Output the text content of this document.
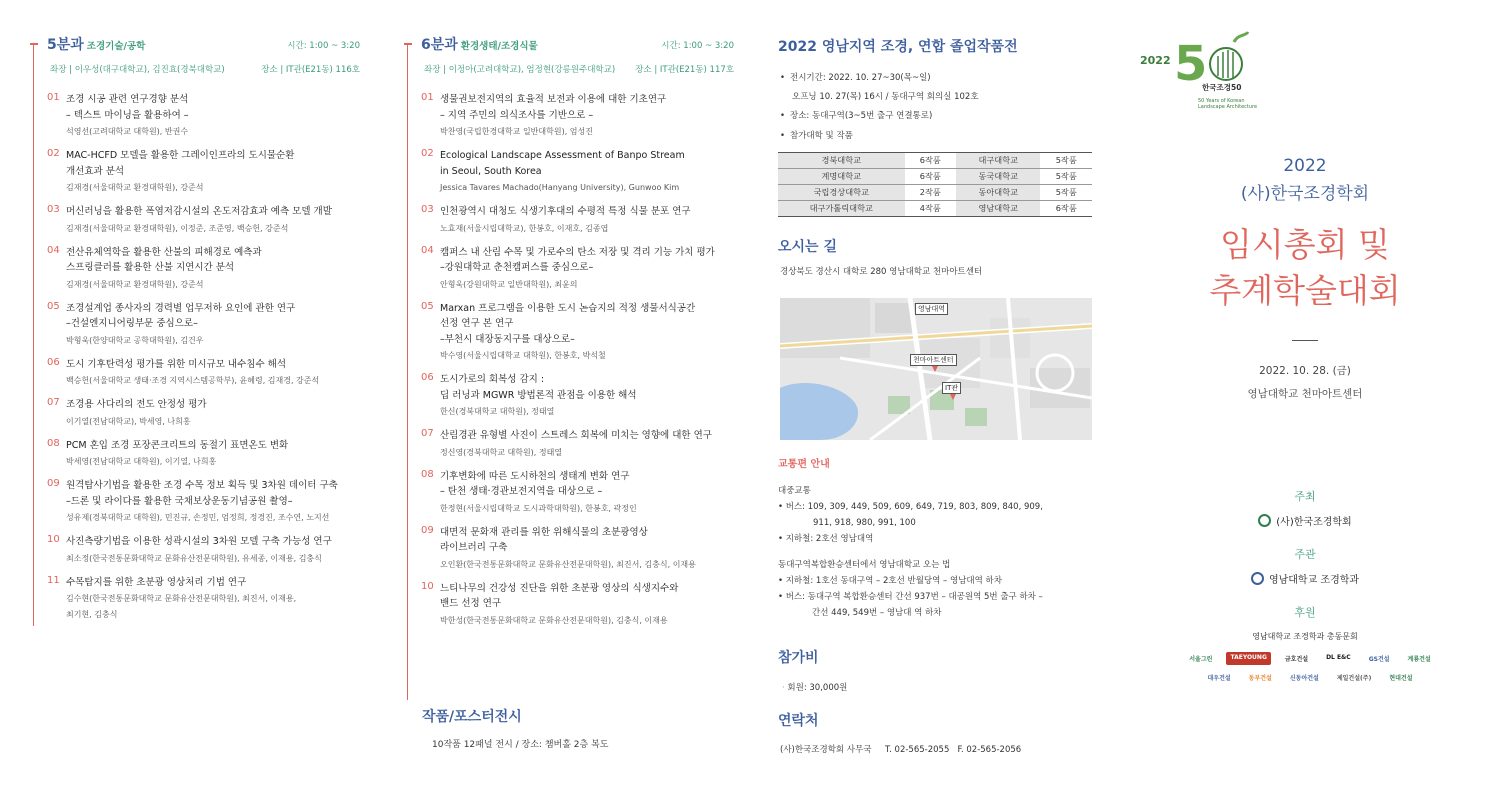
5분과 조경기술/공학	시간: 1:00 ~ 3:20
좌장 | 이우성(대구대학교), 김진효(경북대학교)	장소 | IT관(E21동) 116호
01 조경 시공 관련 연구경향 분석
– 텍스트 마이닝을 활용하여 –
석영선(고려대학교 대학원), 반권수
02 MAC-HCFD 모델을 활용한 그레이인프라의 도시물순환
개선효과 분석
김재경(서울대학교 환경대학원), 강준석
03 머신러닝을 활용한 폭염저감시설의 온도저감효과 예측 모델 개발
김재경(서울대학교 환경대학원), 이정준, 조준영, 백승헌, 강준석
04 전산유체역학을 활용한 산불의 피해경로 예측과
스프링클러를 활용한 산불 지연시간 분석
김재경(서울대학교 환경대학원), 강준석
05 조경설계업 종사자의 경력별 업무저하 요인에 관한 연구
–건설엔지니어링부문 중심으로–
박형욱(한양대학교 공학대학원), 김건우
06 도시 기후탄력성 평가를 위한 미시규모 내수침수 해석
백승헌(서울대학교 생태·조경 지역시스템공학부), 윤혜령, 김재경, 강준석
07 조경용 사다리의 전도 안정성 평가
이기열(전남대학교), 박세영, 나희홍
08 PCM 혼입 조경 포장콘크리트의 동절기 표면온도 변화
박세영(전남대학교 대학원), 이기열, 나희홍
09 원격탐사기법을 활용한 조경 수목 정보 획득 및 3차원 데이터 구축
–드론 및 라이다를 활용한 국채보상운동기념공원 촬영–
성유제(경북대학교 대학원), 민진규, 손정민, 엄정희, 정경진, 조수연, 노지선
10 사진측량기법을 이용한 성곽시설의 3차원 모델 구축 가능성 연구
최소정(한국전통문화대학교 문화유산전문대학원), 유세종, 이재용, 김충식
11 수목탐지를 위한 초분광 영상처리 기법 연구
김수현(한국전통문화대학교 문화유산전문대학원), 최진서, 이재용,
최기현, 김충식
6분과 환경생태/조경식물	시간: 1:00 ~ 3:20
좌장 | 이정아(고려대학교), 엄정현(강릉원주대학교) 장소 | IT관(E21동) 117호
01 생물권보전지역의 효율적 보전과 이용에 대한 기초연구
– 지역 주민의 의식조사를 기반으로 –
박찬영(국립한경대학교 일반대학원), 엄성진
02 Ecological Landscape Assessment of Banpo Stream
in Seoul, South Korea
Jessica Tavares Machado(Hanyang University), Gunwoo Kim
03 인천광역시 대청도 식생기후대의 수평적 특정 식물 분포 연구
노효재(서울시립대학교), 한봉호, 이재호, 김종엽
04 캠퍼스 내 산림 수목 및 가로수의 탄소 저장 및 격리 기능 가치 평가
–강원대학교 춘천캠퍼스를 중심으로–
안형욱(강원대학교 일반대학원), 최윤의
05 Marxan 프로그램을 이용한 도시 논습지의 적정 생물서식공간
선정 연구 본 연구
–부천시 대장동지구를 대상으로–
박수영(서울시립대학교 대학원), 한봉호, 박석철
06 도시가로의 회복성 감지 :
딥 러닝과 MGWR 방법론적 관점을 이용한 해석
한신(경북대학교 대학원), 정태열
07 산림경관 유형별 사진이 스트레스 회복에 미치는 영향에 대한 연구
정신영(경북대학교 대학원), 정태열
08 기후변화에 따른 도시하천의 생태계 변화 연구
– 탄천 생태·경관보전지역을 대상으로 –
한정현(서울시립대학교 도시과학대학원), 한봉호, 곽정인
09 대면적 문화재 관리를 위한 위해식물의 초분광영상
라이브러리 구축
오인환(한국전통문화대학교 문화유산전문대학원), 최진서, 김충식, 이재용
10 느티나무의 건강성 진단을 위한 초분광 영상의 식생지수와
밴드 선정 연구
박한성(한국전통문화대학교 문화유산전문대학원), 김충식, 이재용
작품/포스터전시
10작품 12패널 전시 / 장소: 챔버홀 2층 복도
2022 영남지역 조경, 연합 졸업작품전
• 전시기간: 2022. 10. 27~30(목~일)
오프닝 10. 27(목) 16시 / 동대구역 회의실 102호
• 장소: 동대구역(3~5번 출구 연결통로)
• 참가대학 및 작품
경북대학교	6작품	대구대학교	5작품
계명대학교	6작품	동국대학교	5작품
국립경상대학교	2작품	동아대학교	5작품
대구가톨릭대학교	4작품	영남대학교	6작품
오시는 길
경상북도 경산시 대학로 280 영남대학교 천마아트센터
영남대역
천마아트센터
IT관
교통편 안내
대중교통
• 버스: 109, 309, 449, 509, 609, 649, 719, 803, 809, 840, 909,
911, 918, 980, 991, 100
• 지하철: 2호선 영남대역
동대구역복합환승센터에서 영남대학교 오는 법
• 지하철: 1호선 동대구역 – 2호선 반월당역 – 영남대역 하차
• 버스: 동대구역 복합환승센터 간선 937번 – 대공원역 5번 출구 하차 –
간선 449, 549번 – 영남대 역 하차
참가비
· 회원: 30,000원
연락처
(사)한국조경학회 사무국     T. 02-565-2055   F. 02-565-2056
2022 5
한국조경50
50 Years of Korean
Landscape Architecture
2022
(사)한국조경학회
임시총회 및
추계학술대회
2022. 10. 28. (금)
영남대학교 천마아트센터
주최
(사)한국조경학회
주관
영남대학교 조경학과
후원
영남대학교 조경학과 총동문회
서울그린	TAEYOUNG	금호건설	DL E&C	GS건설	계룡건설
대우건설	동부건설	신동아건설	제일건설(주)	현대건설
